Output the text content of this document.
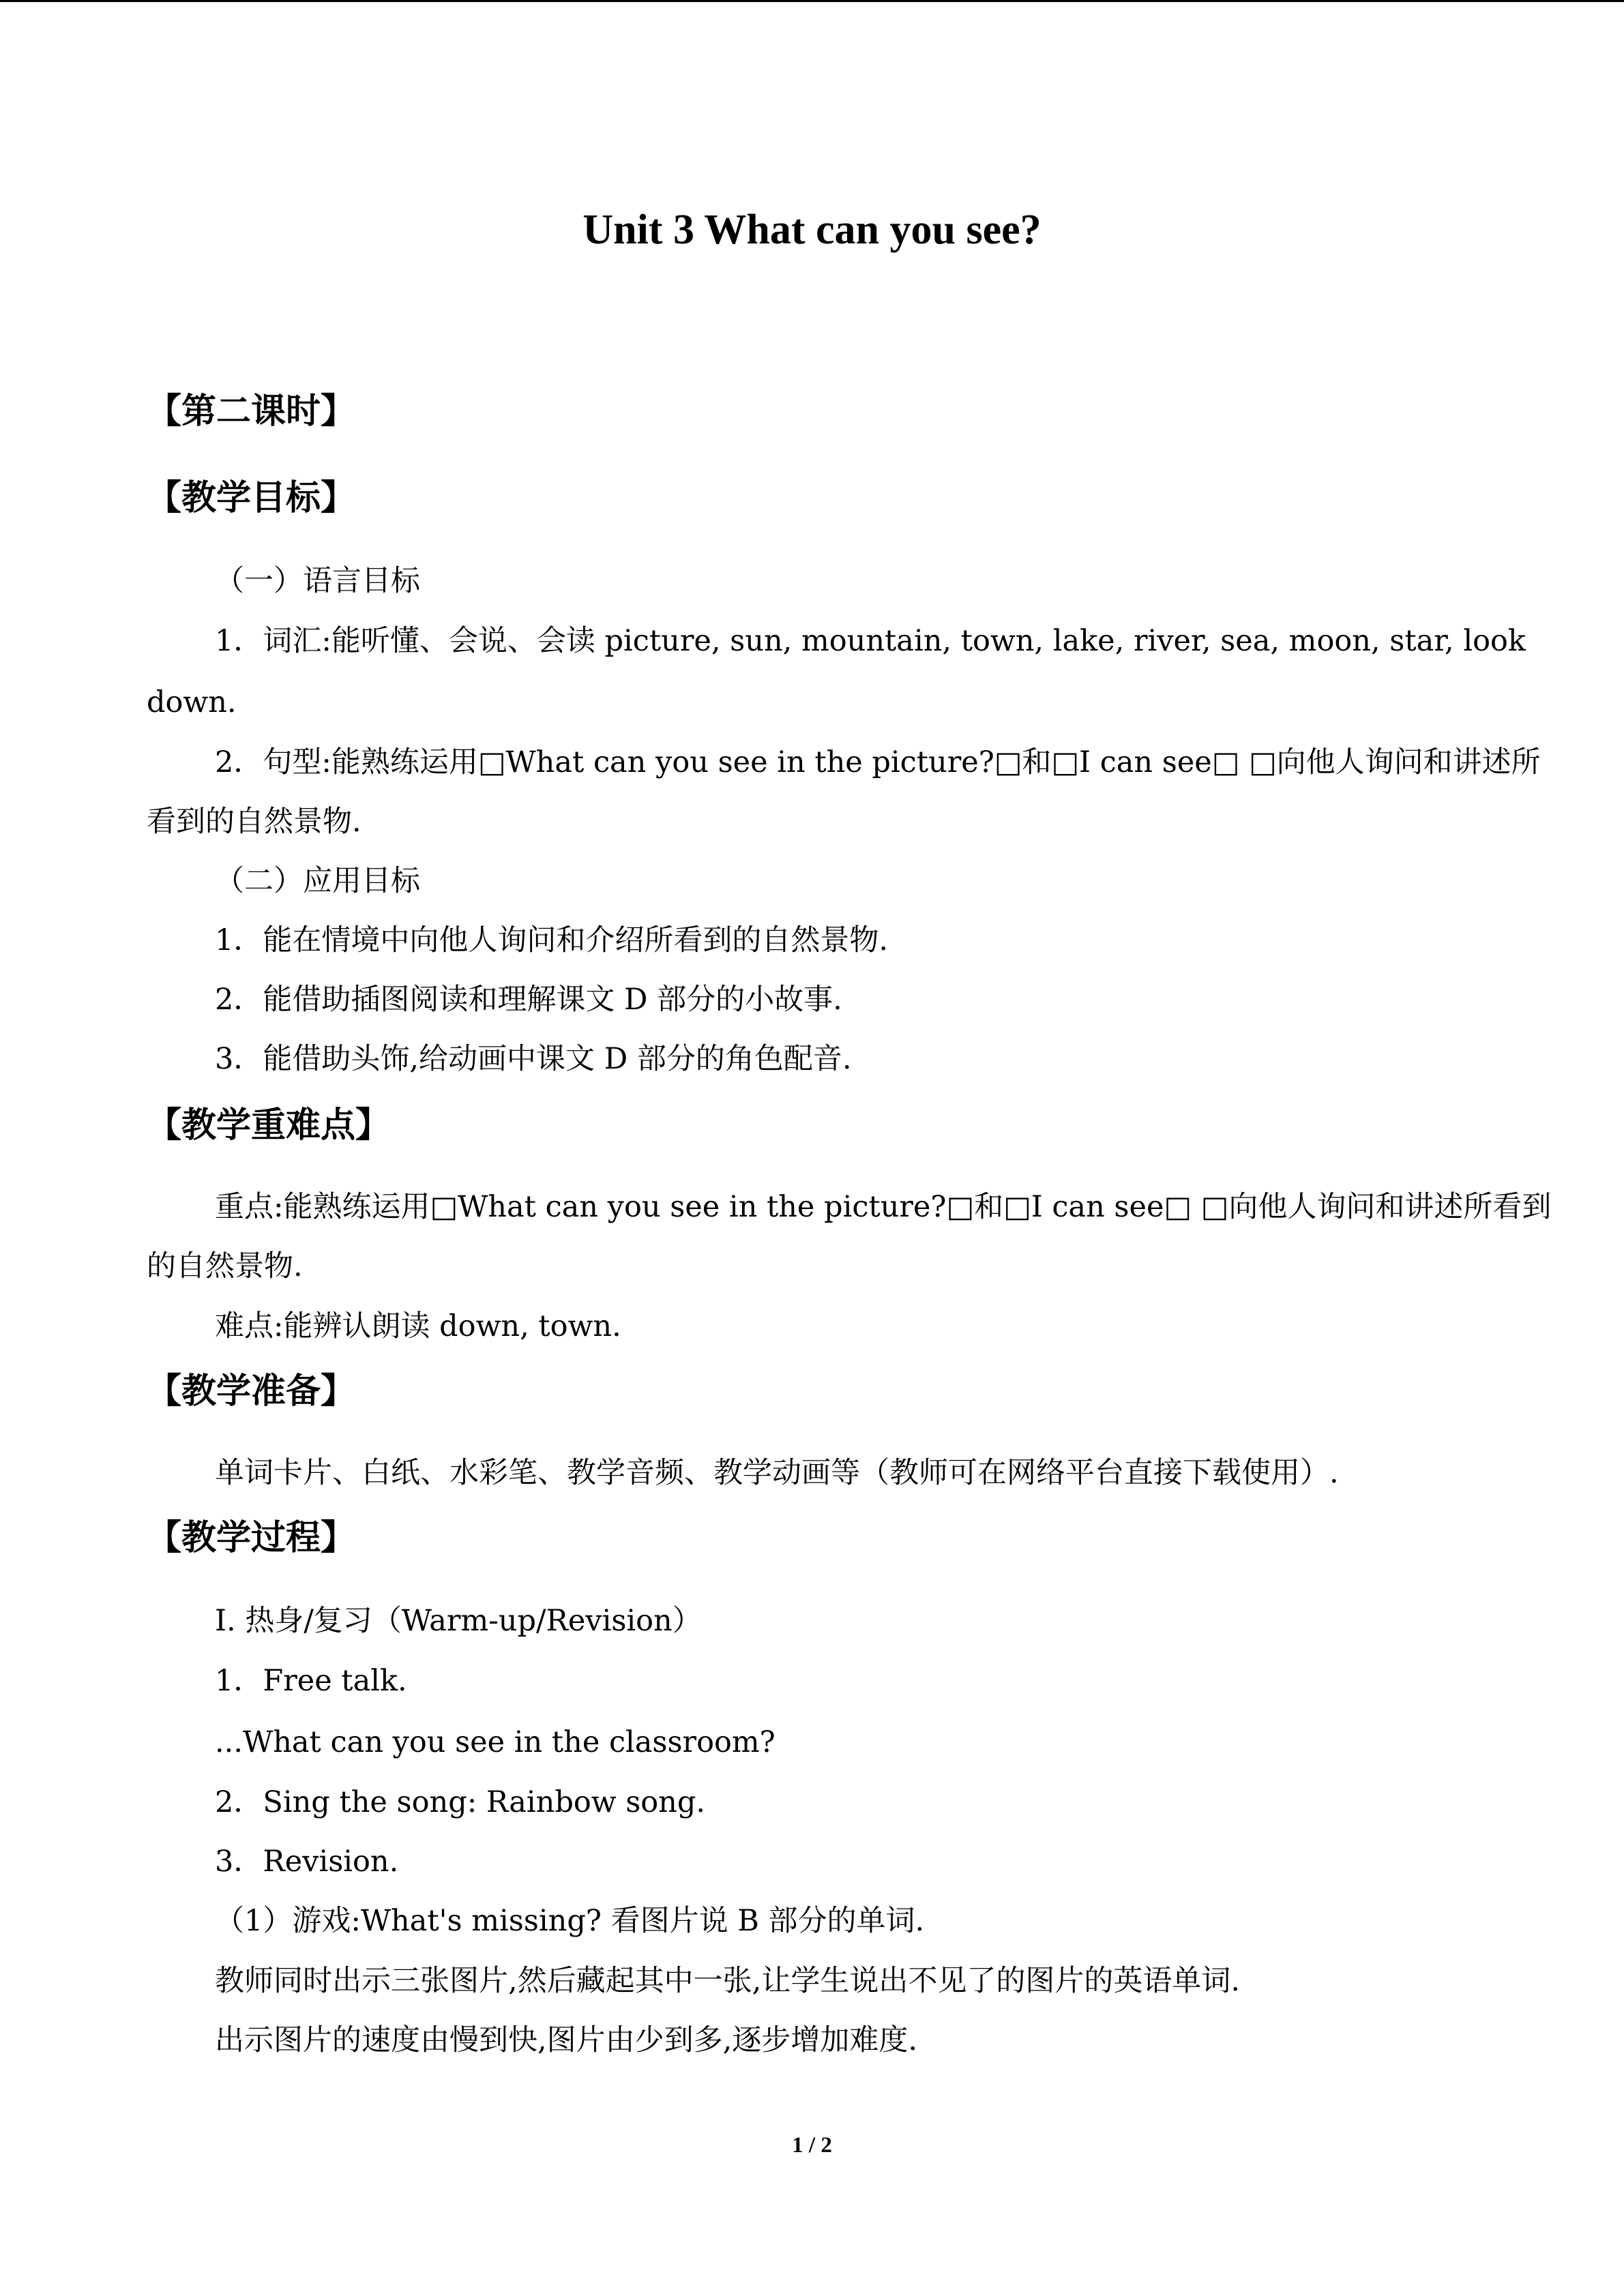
Unit 3 What can you see?
【第二课时】
【教学目标】
（一）语言目标
1．词汇:能听懂、会说、会读 picture, sun, mountain, town, lake, river, sea, moon, star, look
down.
2．句型:能熟练运用□What can you see in the picture?□和□I can see□ □向他人询问和讲述所
看到的自然景物.
（二）应用目标
1．能在情境中向他人询问和介绍所看到的自然景物.
2．能借助插图阅读和理解课文 D 部分的小故事.
3．能借助头饰,给动画中课文 D 部分的角色配音.
【教学重难点】
重点:能熟练运用□What can you see in the picture?□和□I can see□ □向他人询问和讲述所看到
的自然景物.
难点:能辨认朗读 down, town.
【教学准备】
单词卡片、白纸、水彩笔、教学音频、教学动画等（教师可在网络平台直接下载使用）.
【教学过程】
I. 热身/复习（Warm-up/Revision）
1．Free talk.
...What can you see in the classroom?
2．Sing the song: Rainbow song.
3．Revision.
（1）游戏:What's missing? 看图片说 B 部分的单词.
教师同时出示三张图片,然后藏起其中一张,让学生说出不见了的图片的英语单词.
出示图片的速度由慢到快,图片由少到多,逐步增加难度.
1 / 2
